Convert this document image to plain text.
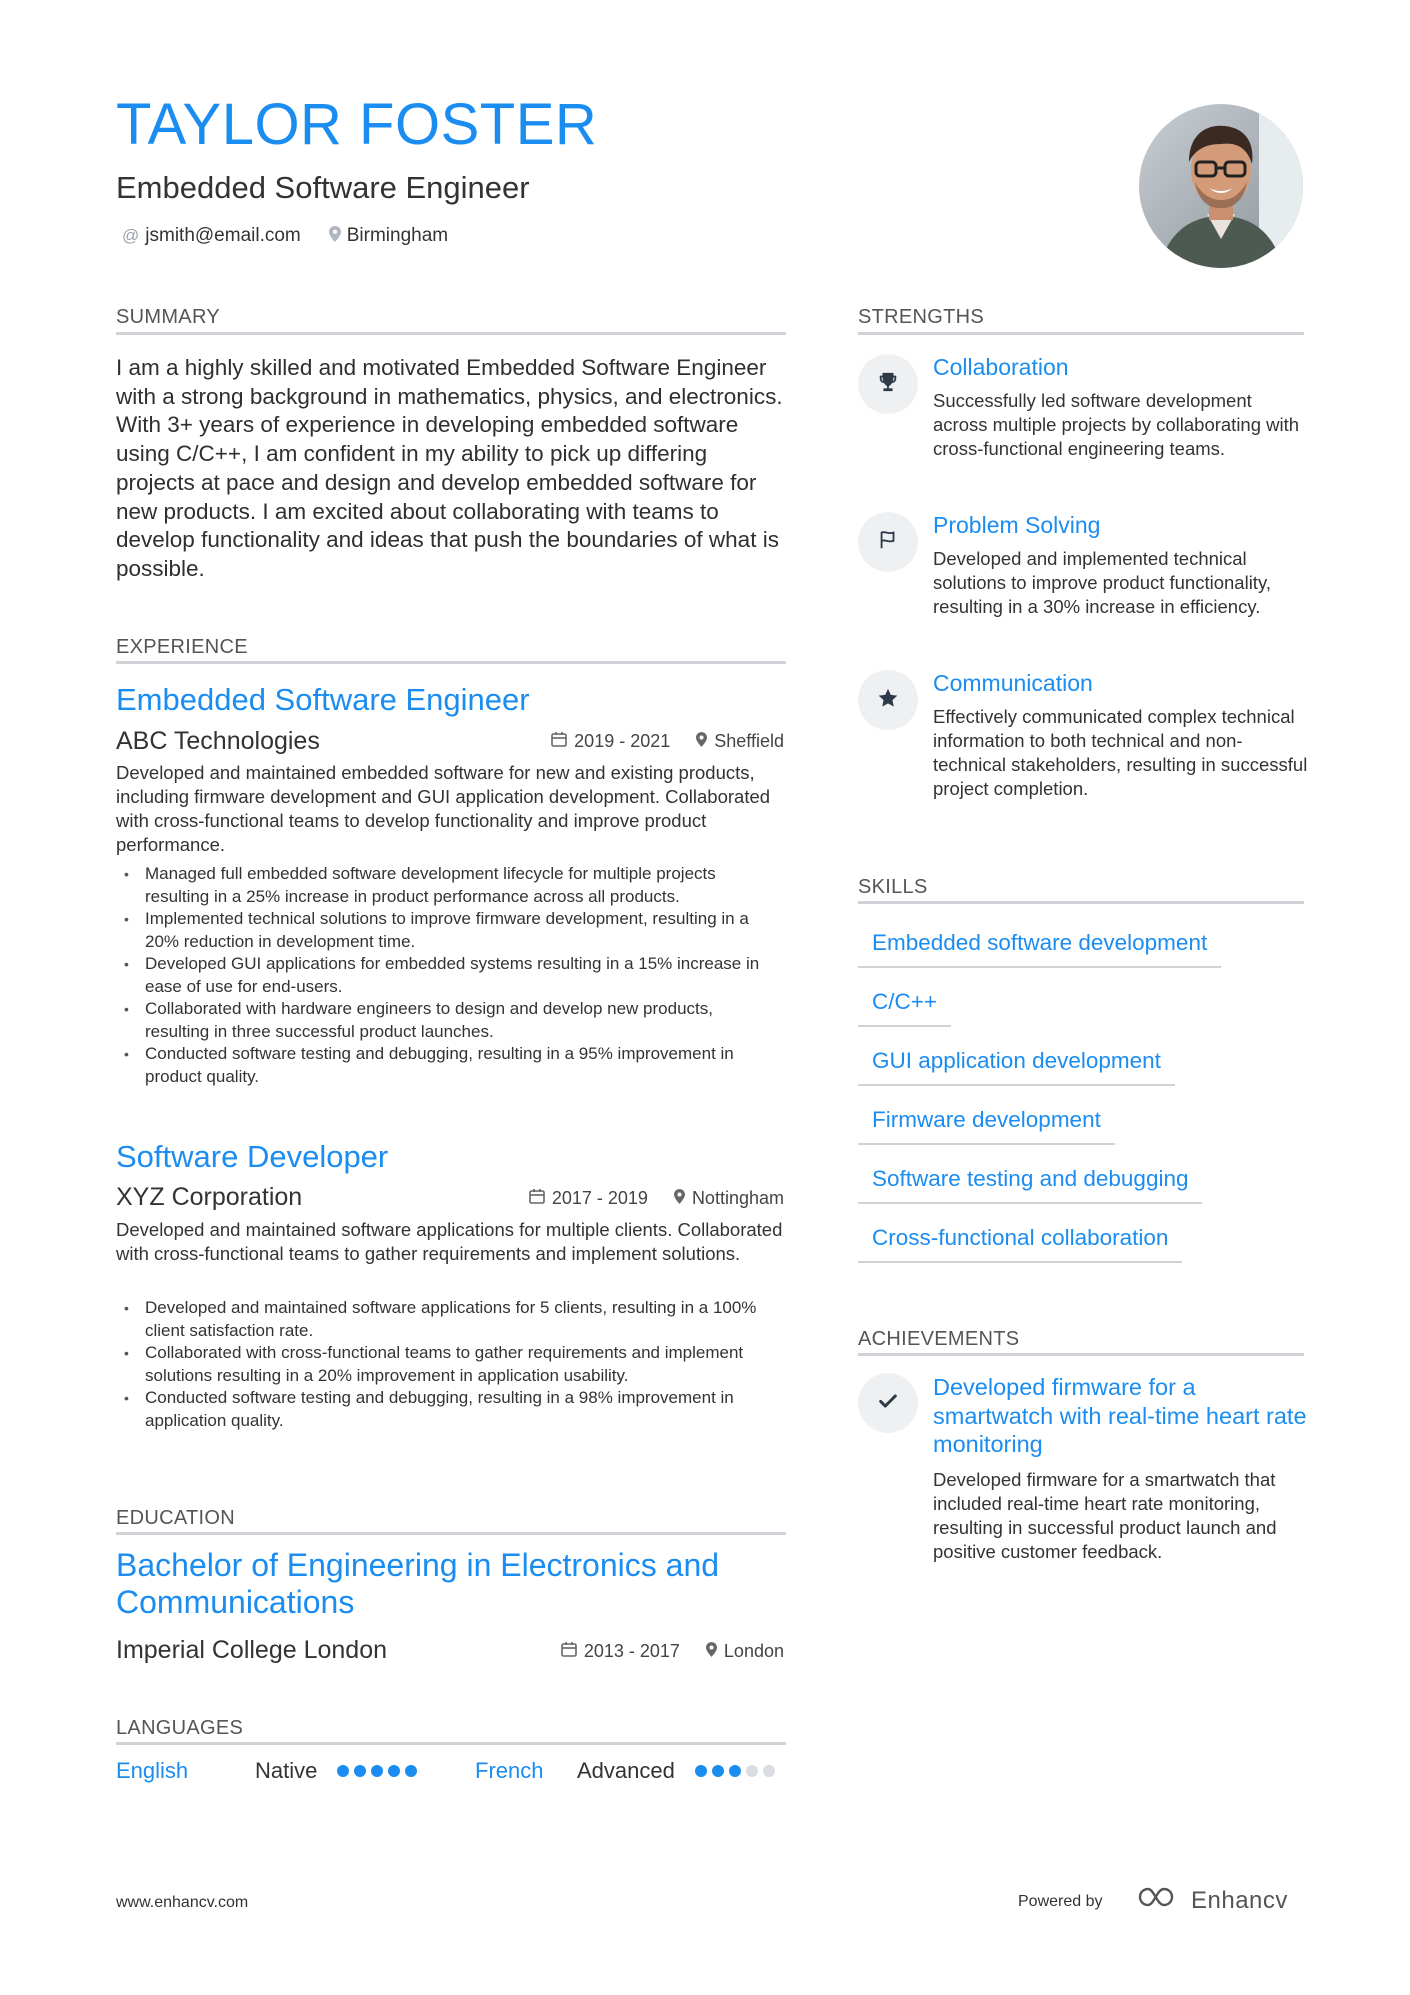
TAYLOR FOSTER
Embedded Software Engineer
@ jsmith@email.com Birmingham
SUMMARY
I am a highly skilled and motivated Embedded Software Engineer with a strong background in mathematics, physics, and electronics. With 3+ years of experience in developing embedded software using C/C++, I am confident in my ability to pick up differing projects at pace and design and develop embedded software for new products. I am excited about collaborating with teams to develop functionality and ideas that push the boundaries of what is possible.
EXPERIENCE
Embedded Software Engineer
ABC Technologies	2019 - 2021 Sheffield
Developed and maintained embedded software for new and existing products, including firmware development and GUI application development. Collaborated with cross-functional teams to develop functionality and improve product performance.
• Managed full embedded software development lifecycle for multiple projects resulting in a 25% increase in product performance across all products.
• Implemented technical solutions to improve firmware development, resulting in a 20% reduction in development time.
• Developed GUI applications for embedded systems resulting in a 15% increase in ease of use for end-users.
• Collaborated with hardware engineers to design and develop new products, resulting in three successful product launches.
• Conducted software testing and debugging, resulting in a 95% improvement in product quality.
Software Developer
XYZ Corporation	2017 - 2019 Nottingham
Developed and maintained software applications for multiple clients. Collaborated with cross-functional teams to gather requirements and implement solutions.
• Developed and maintained software applications for 5 clients, resulting in a 100% client satisfaction rate.
• Collaborated with cross-functional teams to gather requirements and implement solutions resulting in a 20% improvement in application usability.
• Conducted software testing and debugging, resulting in a 98% improvement in application quality.
EDUCATION
Bachelor of Engineering in Electronics and Communications
Imperial College London	2013 - 2017 London
LANGUAGES
English	Native	French	Advanced
STRENGTHS
Collaboration
Successfully led software development across multiple projects by collaborating with cross-functional engineering teams.
Problem Solving
Developed and implemented technical solutions to improve product functionality, resulting in a 30% increase in efficiency.
Communication
Effectively communicated complex technical information to both technical and non-technical stakeholders, resulting in successful project completion.
SKILLS
Embedded software development
C/C++
GUI application development
Firmware development
Software testing and debugging
Cross-functional collaboration
ACHIEVEMENTS
Developed firmware for a smartwatch with real-time heart rate monitoring
Developed firmware for a smartwatch that included real-time heart rate monitoring, resulting in successful product launch and positive customer feedback.
www.enhancv.com	Powered by	Enhancv
